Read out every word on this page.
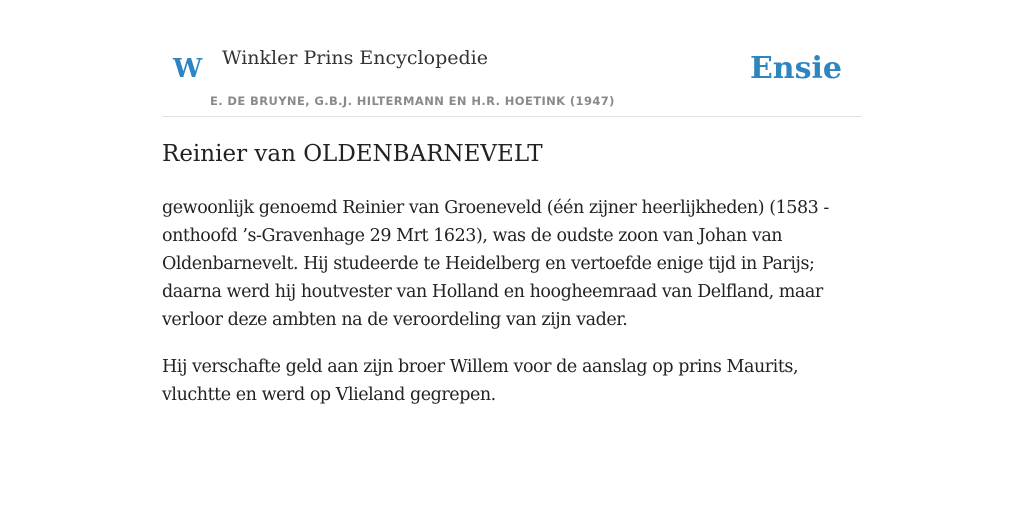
W Winkler Prins Encyclopedie
E. DE BRUYNE, G.B.J. HILTERMANN EN H.R. HOETINK (1947)
Ensie
Reinier van OLDENBARNEVELT

gewoonlijk genoemd Reinier van Groeneveld (één zijner heerlijkheden) (1583 - onthoofd ’s-Gravenhage 29 Mrt 1623), was de oudste zoon van Johan van Oldenbarnevelt. Hij studeerde te Heidelberg en vertoefde enige tijd in Parijs; daarna werd hij houtvester van Holland en hoogheemraad van Delfland, maar verloor deze ambten na de veroordeling van zijn vader.

Hij verschafte geld aan zijn broer Willem voor de aanslag op prins Maurits, vluchtte en werd op Vlieland gegrepen.
